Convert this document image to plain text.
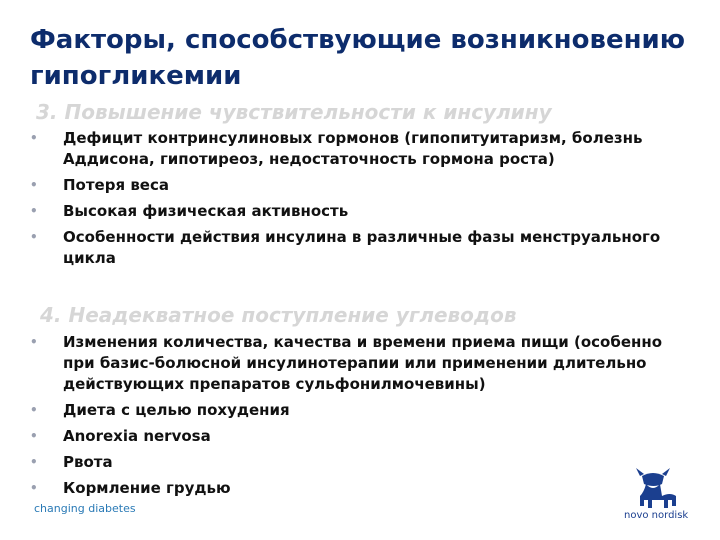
Факторы, способствующие возникновению гипогликемии
3. Повышение чувствительности к инсулину
• Дефицит контринсулиновых гормонов (гипопитуитаризм, болезнь Аддисона, гипотиреоз, недостаточность гормона роста)
• Потеря веса
• Высокая физическая активность
• Особенности действия инсулина в различные фазы менструального цикла
4. Неадекватное поступление углеводов
• Изменения количества, качества и времени приема пищи (особенно при базис-болюсной инсулинотерапии или применении длительно действующих препаратов сульфонилмочевины)
• Диета с целью похудения
• Anorexia nervosa
• Рвота
• Кормление грудью
changing diabetes
novo nordisk
